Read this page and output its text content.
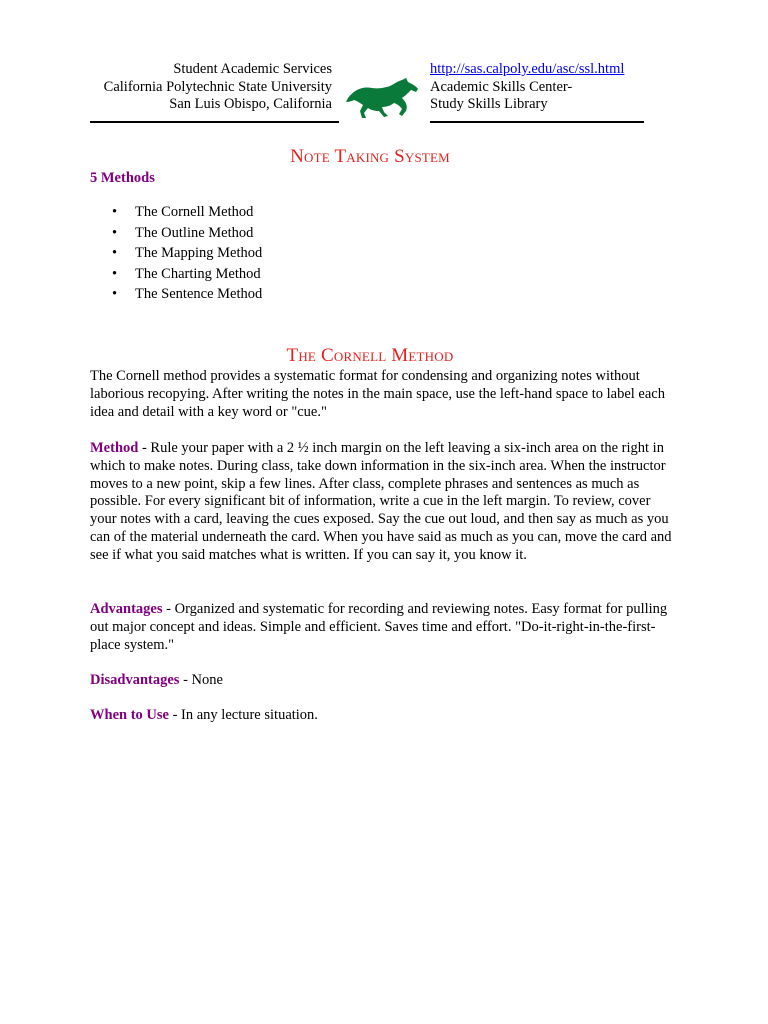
Student Academic Services
California Polytechnic State University
San Luis Obispo, California
http://sas.calpoly.edu/asc/ssl.html
Academic Skills Center-
Study Skills Library
Note Taking System
5 Methods
• The Cornell Method
• The Outline Method
• The Mapping Method
• The Charting Method
• The Sentence Method
The Cornell Method
The Cornell method provides a systematic format for condensing and organizing notes without laborious recopying. After writing the notes in the main space, use the left-hand space to label each idea and detail with a key word or "cue."
Method - Rule your paper with a 2 ½ inch margin on the left leaving a six-inch area on the right in which to make notes. During class, take down information in the six-inch area. When the instructor moves to a new point, skip a few lines. After class, complete phrases and sentences as much as possible. For every significant bit of information, write a cue in the left margin. To review, cover your notes with a card, leaving the cues exposed. Say the cue out loud, and then say as much as you can of the material underneath the card. When you have said as much as you can, move the card and see if what you said matches what is written. If you can say it, you know it.
Advantages - Organized and systematic for recording and reviewing notes. Easy format for pulling out major concept and ideas. Simple and efficient. Saves time and effort. "Do-it-right-in-the-first-place system."
Disadvantages - None
When to Use - In any lecture situation.
